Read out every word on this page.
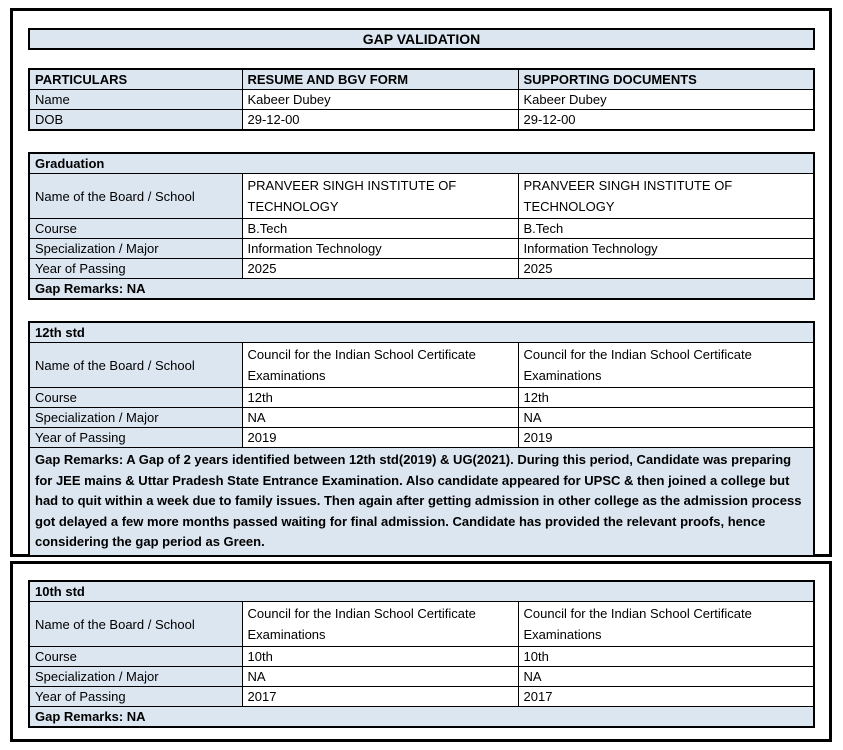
GAP VALIDATION
PARTICULARS	RESUME AND BGV FORM	SUPPORTING DOCUMENTS
Name	Kabeer Dubey	Kabeer Dubey
DOB	29-12-00	29-12-00
Graduation		
Name of the Board / School	PRANVEER SINGH INSTITUTE OF TECHNOLOGY	PRANVEER SINGH INSTITUTE OF TECHNOLOGY
Course	B.Tech	B.Tech
Specialization / Major	Information Technology	Information Technology
Year of Passing	2025	2025
Gap Remarks: NA		
12th std		
Name of the Board / School	Council for the Indian School Certificate Examinations	Council for the Indian School Certificate Examinations
Course	12th	12th
Specialization / Major	NA	NA
Year of Passing	2019	2019
Gap Remarks: A Gap of 2 years identified between 12th std(2019) & UG(2021). During this period, Candidate was preparing for JEE mains & Uttar Pradesh State Entrance Examination. Also candidate appeared for UPSC & then joined a college but had to quit within a week due to family issues. Then again after getting admission in other college as the admission process got delayed a few more months passed waiting for final admission. Candidate has provided the relevant proofs, hence considering the gap period as Green.		
10th std		
Name of the Board / School	Council for the Indian School Certificate Examinations	Council for the Indian School Certificate Examinations
Course	10th	10th
Specialization / Major	NA	NA
Year of Passing	2017	2017
Gap Remarks: NA		
